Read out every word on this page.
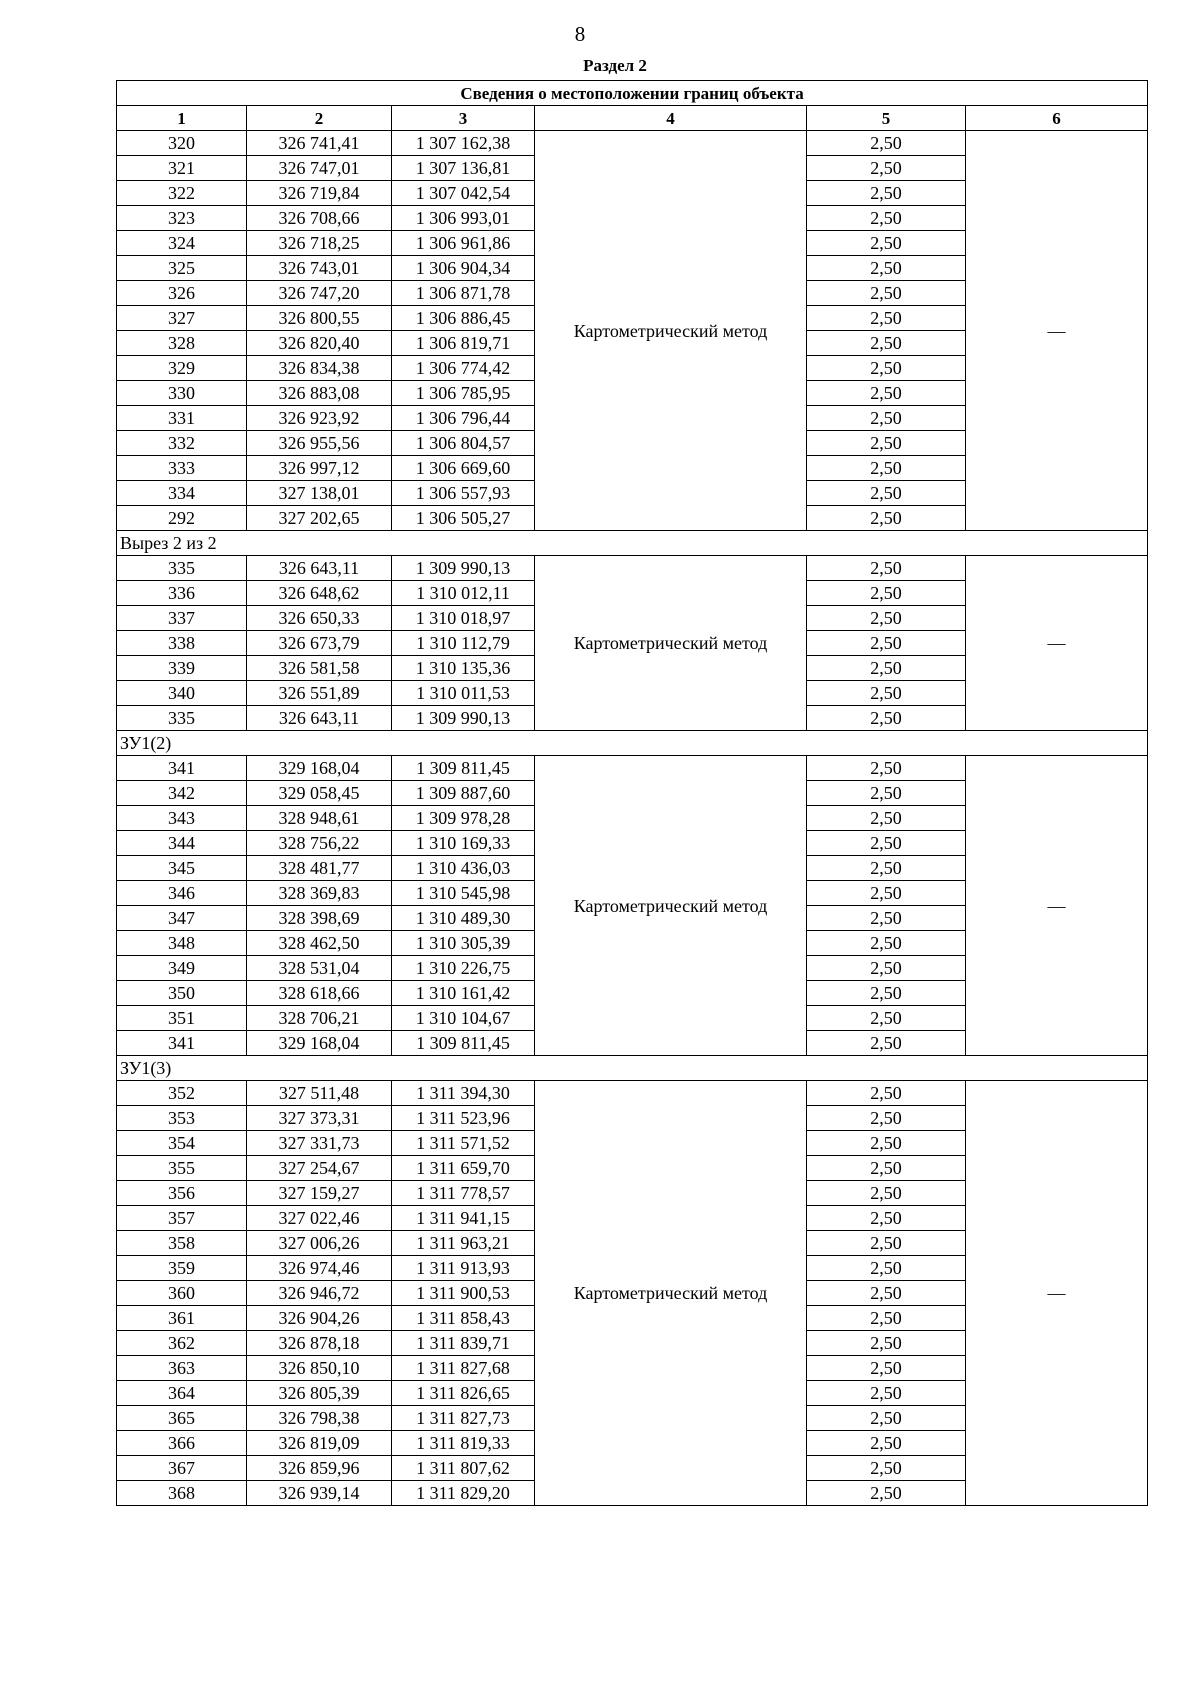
8
Раздел 2
Сведения о местоположении границ объекта					
1	2	3	4	5	6
320	326 741,41	1 307 162,38	Картометрический метод	2,50	—
321	326 747,01	1 307 136,81		2,50	
322	326 719,84	1 307 042,54		2,50	
323	326 708,66	1 306 993,01		2,50	
324	326 718,25	1 306 961,86		2,50	
325	326 743,01	1 306 904,34		2,50	
326	326 747,20	1 306 871,78		2,50	
327	326 800,55	1 306 886,45		2,50	
328	326 820,40	1 306 819,71		2,50	
329	326 834,38	1 306 774,42		2,50	
330	326 883,08	1 306 785,95		2,50	
331	326 923,92	1 306 796,44		2,50	
332	326 955,56	1 306 804,57		2,50	
333	326 997,12	1 306 669,60		2,50	
334	327 138,01	1 306 557,93		2,50	
292	327 202,65	1 306 505,27		2,50	
Вырез 2 из 2					
335	326 643,11	1 309 990,13	Картометрический метод	2,50	—
336	326 648,62	1 310 012,11		2,50	
337	326 650,33	1 310 018,97		2,50	
338	326 673,79	1 310 112,79		2,50	
339	326 581,58	1 310 135,36		2,50	
340	326 551,89	1 310 011,53		2,50	
335	326 643,11	1 309 990,13		2,50	
ЗУ1(2)					
341	329 168,04	1 309 811,45	Картометрический метод	2,50	—
342	329 058,45	1 309 887,60		2,50	
343	328 948,61	1 309 978,28		2,50	
344	328 756,22	1 310 169,33		2,50	
345	328 481,77	1 310 436,03		2,50	
346	328 369,83	1 310 545,98		2,50	
347	328 398,69	1 310 489,30		2,50	
348	328 462,50	1 310 305,39		2,50	
349	328 531,04	1 310 226,75		2,50	
350	328 618,66	1 310 161,42		2,50	
351	328 706,21	1 310 104,67		2,50	
341	329 168,04	1 309 811,45		2,50	
ЗУ1(3)					
352	327 511,48	1 311 394,30	Картометрический метод	2,50	—
353	327 373,31	1 311 523,96		2,50	
354	327 331,73	1 311 571,52		2,50	
355	327 254,67	1 311 659,70		2,50	
356	327 159,27	1 311 778,57		2,50	
357	327 022,46	1 311 941,15		2,50	
358	327 006,26	1 311 963,21		2,50	
359	326 974,46	1 311 913,93		2,50	
360	326 946,72	1 311 900,53		2,50	
361	326 904,26	1 311 858,43		2,50	
362	326 878,18	1 311 839,71		2,50	
363	326 850,10	1 311 827,68		2,50	
364	326 805,39	1 311 826,65		2,50	
365	326 798,38	1 311 827,73		2,50	
366	326 819,09	1 311 819,33		2,50	
367	326 859,96	1 311 807,62		2,50	
368	326 939,14	1 311 829,20		2,50	
